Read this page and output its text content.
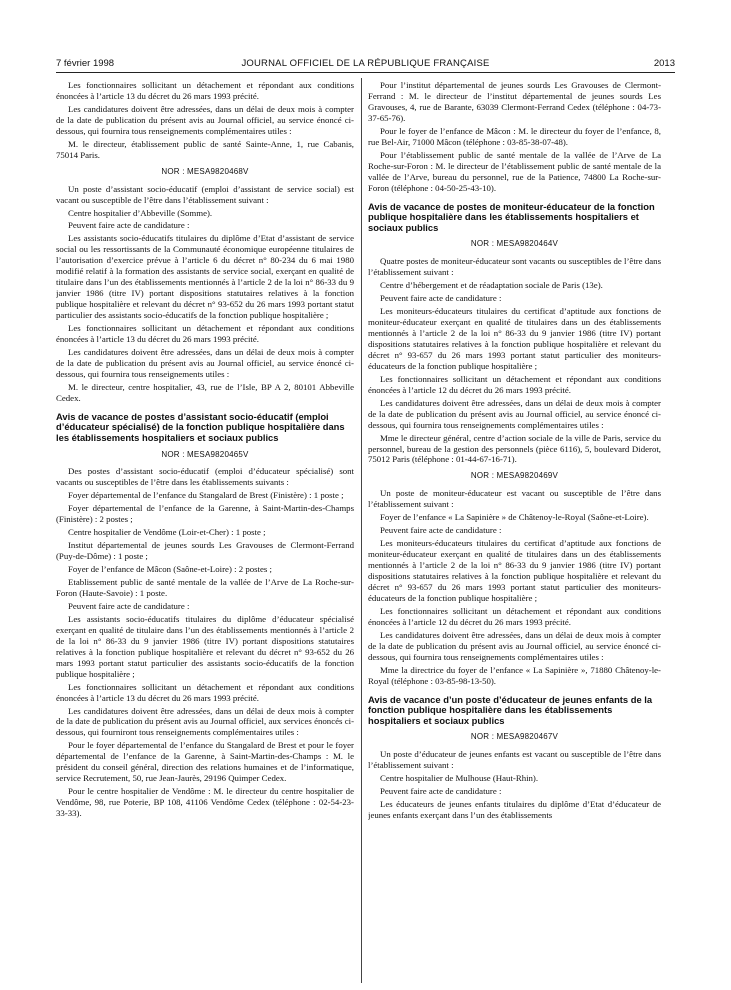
7 février 1998	JOURNAL OFFICIEL DE LA RÉPUBLIQUE FRANÇAISE	2013

Les fonctionnaires sollicitant un détachement et répondant aux conditions énoncées à l’article 13 du décret du 26 mars 1993 précité.

Les candidatures doivent être adressées, dans un délai de deux mois à compter de la date de publication du présent avis au Journal officiel, au service énoncé ci-dessous, qui fournira tous renseignements complémentaires utiles :

M. le directeur, établissement public de santé Sainte-Anne, 1, rue Cabanis, 75014 Paris.

NOR : MESA9820468V

Un poste d’assistant socio-éducatif (emploi d’assistant de service social) est vacant ou susceptible de l’être dans l’établissement suivant :

Centre hospitalier d’Abbeville (Somme).

Peuvent faire acte de candidature :

Les assistants socio-éducatifs titulaires du diplôme d’Etat d’assistant de service social ou les ressortissants de la Communauté économique européenne titulaires de l’autorisation d’exercice prévue à l’article 6 du décret n° 80-234 du 6 mai 1980 modifié relatif à la formation des assistants de service social, exerçant en qualité de titulaire dans l’un des établissements mentionnés à l’article 2 de la loi n° 86-33 du 9 janvier 1986 (titre IV) portant dispositions statutaires relatives à la fonction publique hospitalière et relevant du décret n° 93-652 du 26 mars 1993 portant statut particulier des assistants socio-éducatifs de la fonction publique hospitalière ;

Les fonctionnaires sollicitant un détachement et répondant aux conditions énoncées à l’article 13 du décret du 26 mars 1993 précité.

Les candidatures doivent être adressées, dans un délai de deux mois à compter de la date de publication du présent avis au Journal officiel, au service énoncé ci-dessous, qui fournira tous renseignements utiles :

M. le directeur, centre hospitalier, 43, rue de l’Isle, BP A 2, 80101 Abbeville Cedex.

Avis de vacance de postes d’assistant socio-éducatif (emploi d’éducateur spécialisé) de la fonction publique hospitalière dans les établissements hospitaliers et sociaux publics
NOR : MESA9820465V

Des postes d’assistant socio-éducatif (emploi d’éducateur spécialisé) sont vacants ou susceptibles de l’être dans les établissements suivants :

Foyer départemental de l’enfance du Stangalard de Brest (Finistère) : 1 poste ;

Foyer départemental de l’enfance de la Garenne, à Saint-Martin-des-Champs (Finistère) : 2 postes ;

Centre hospitalier de Vendôme (Loir-et-Cher) : 1 poste ;

Institut départemental de jeunes sourds Les Gravouses de Clermont-Ferrand (Puy-de-Dôme) : 1 poste ;

Foyer de l’enfance de Mâcon (Saône-et-Loire) : 2 postes ;

Etablissement public de santé mentale de la vallée de l’Arve de La Roche-sur-Foron (Haute-Savoie) : 1 poste.

Peuvent faire acte de candidature :

Les assistants socio-éducatifs titulaires du diplôme d’éducateur spécialisé exerçant en qualité de titulaire dans l’un des établissements mentionnés à l’article 2 de la loi n° 86-33 du 9 janvier 1986 (titre IV) portant dispositions statutaires relatives à la fonction publique hospitalière et relevant du décret n° 93-652 du 26 mars 1993 portant statut particulier des assistants socio-éducatifs de la fonction publique hospitalière ;

Les fonctionnaires sollicitant un détachement et répondant aux conditions énoncées à l’article 13 du décret du 26 mars 1993 précité.

Les candidatures doivent être adressées, dans un délai de deux mois à compter de la date de publication du présent avis au Journal officiel, aux services énoncés ci-dessous, qui fourniront tous renseignements complémentaires utiles :

Pour le foyer départemental de l’enfance du Stangalard de Brest et pour le foyer départemental de l’enfance de la Garenne, à Saint-Martin-des-Champs : M. le président du conseil général, direction des relations humaines et de l’informatique, service Recrutement, 50, rue Jean-Jaurès, 29196 Quimper Cedex.

Pour le centre hospitalier de Vendôme : M. le directeur du centre hospitalier de Vendôme, 98, rue Poterie, BP 108, 41106 Vendôme Cedex (téléphone : 02-54-23-33-33).

Pour l’institut départemental de jeunes sourds Les Gravouses de Clermont-Ferrand : M. le directeur de l’institut départemental de jeunes sourds Les Gravouses, 4, rue de Barante, 63039 Clermont-Ferrand Cedex (téléphone : 04-73-37-65-76).

Pour le foyer de l’enfance de Mâcon : M. le directeur du foyer de l’enfance, 8, rue Bel-Air, 71000 Mâcon (téléphone : 03-85-38-07-48).

Pour l’établissement public de santé mentale de la vallée de l’Arve de La Roche-sur-Foron : M. le directeur de l’établissement public de santé mentale de la vallée de l’Arve, bureau du personnel, rue de la Patience, 74800 La Roche-sur-Foron (téléphone : 04-50-25-43-10).

Avis de vacance de postes de moniteur-éducateur de la fonction publique hospitalière dans les établissements hospitaliers et sociaux publics
NOR : MESA9820464V

Quatre postes de moniteur-éducateur sont vacants ou susceptibles de l’être dans l’établissement suivant :

Centre d’hébergement et de réadaptation sociale de Paris (13e).

Peuvent faire acte de candidature :

Les moniteurs-éducateurs titulaires du certificat d’aptitude aux fonctions de moniteur-éducateur exerçant en qualité de titulaires dans un des établissements mentionnés à l’article 2 de la loi n° 86-33 du 9 janvier 1986 (titre IV) portant dispositions statutaires relatives à la fonction publique hospitalière et relevant du décret n° 93-657 du 26 mars 1993 portant statut particulier des moniteurs-éducateurs de la fonction publique hospitalière ;

Les fonctionnaires sollicitant un détachement et répondant aux conditions énoncées à l’article 12 du décret du 26 mars 1993 précité.

Les candidatures doivent être adressées, dans un délai de deux mois à compter de la date de publication du présent avis au Journal officiel, au service énoncé ci-dessous, qui fournira tous renseignements complémentaires utiles :

Mme le directeur général, centre d’action sociale de la ville de Paris, service du personnel, bureau de la gestion des personnels (pièce 6116), 5, boulevard Diderot, 75012 Paris (téléphone : 01-44-67-16-71).

NOR : MESA9820469V

Un poste de moniteur-éducateur est vacant ou susceptible de l’être dans l’établissement suivant :

Foyer de l’enfance « La Sapinière » de Châtenoy-le-Royal (Saône-et-Loire).

Peuvent faire acte de candidature :

Les moniteurs-éducateurs titulaires du certificat d’aptitude aux fonctions de moniteur-éducateur exerçant en qualité de titulaires dans un des établissements mentionnés à l’article 2 de la loi n° 86-33 du 9 janvier 1986 (titre IV) portant dispositions statutaires relatives à la fonction publique hospitalière et relevant du décret n° 93-657 du 26 mars 1993 portant statut particulier des moniteurs-éducateurs de la fonction publique hospitalière ;

Les fonctionnaires sollicitant un détachement et répondant aux conditions énoncées à l’article 12 du décret du 26 mars 1993 précité.

Les candidatures doivent être adressées, dans un délai de deux mois à compter de la date de publication du présent avis au Journal officiel, au service énoncé ci-dessous, qui fournira tous renseignements complémentaires utiles :

Mme la directrice du foyer de l’enfance « La Sapinière », 71880 Châtenoy-le-Royal (téléphone : 03-85-98-13-50).

Avis de vacance d’un poste d’éducateur de jeunes enfants de la fonction publique hospitalière dans les établissements hospitaliers et sociaux publics
NOR : MESA9820467V

Un poste d’éducateur de jeunes enfants est vacant ou susceptible de l’être dans l’établissement suivant :

Centre hospitalier de Mulhouse (Haut-Rhin).

Peuvent faire acte de candidature :

Les éducateurs de jeunes enfants titulaires du diplôme d’Etat d’éducateur de jeunes enfants exerçant dans l’un des établissements
